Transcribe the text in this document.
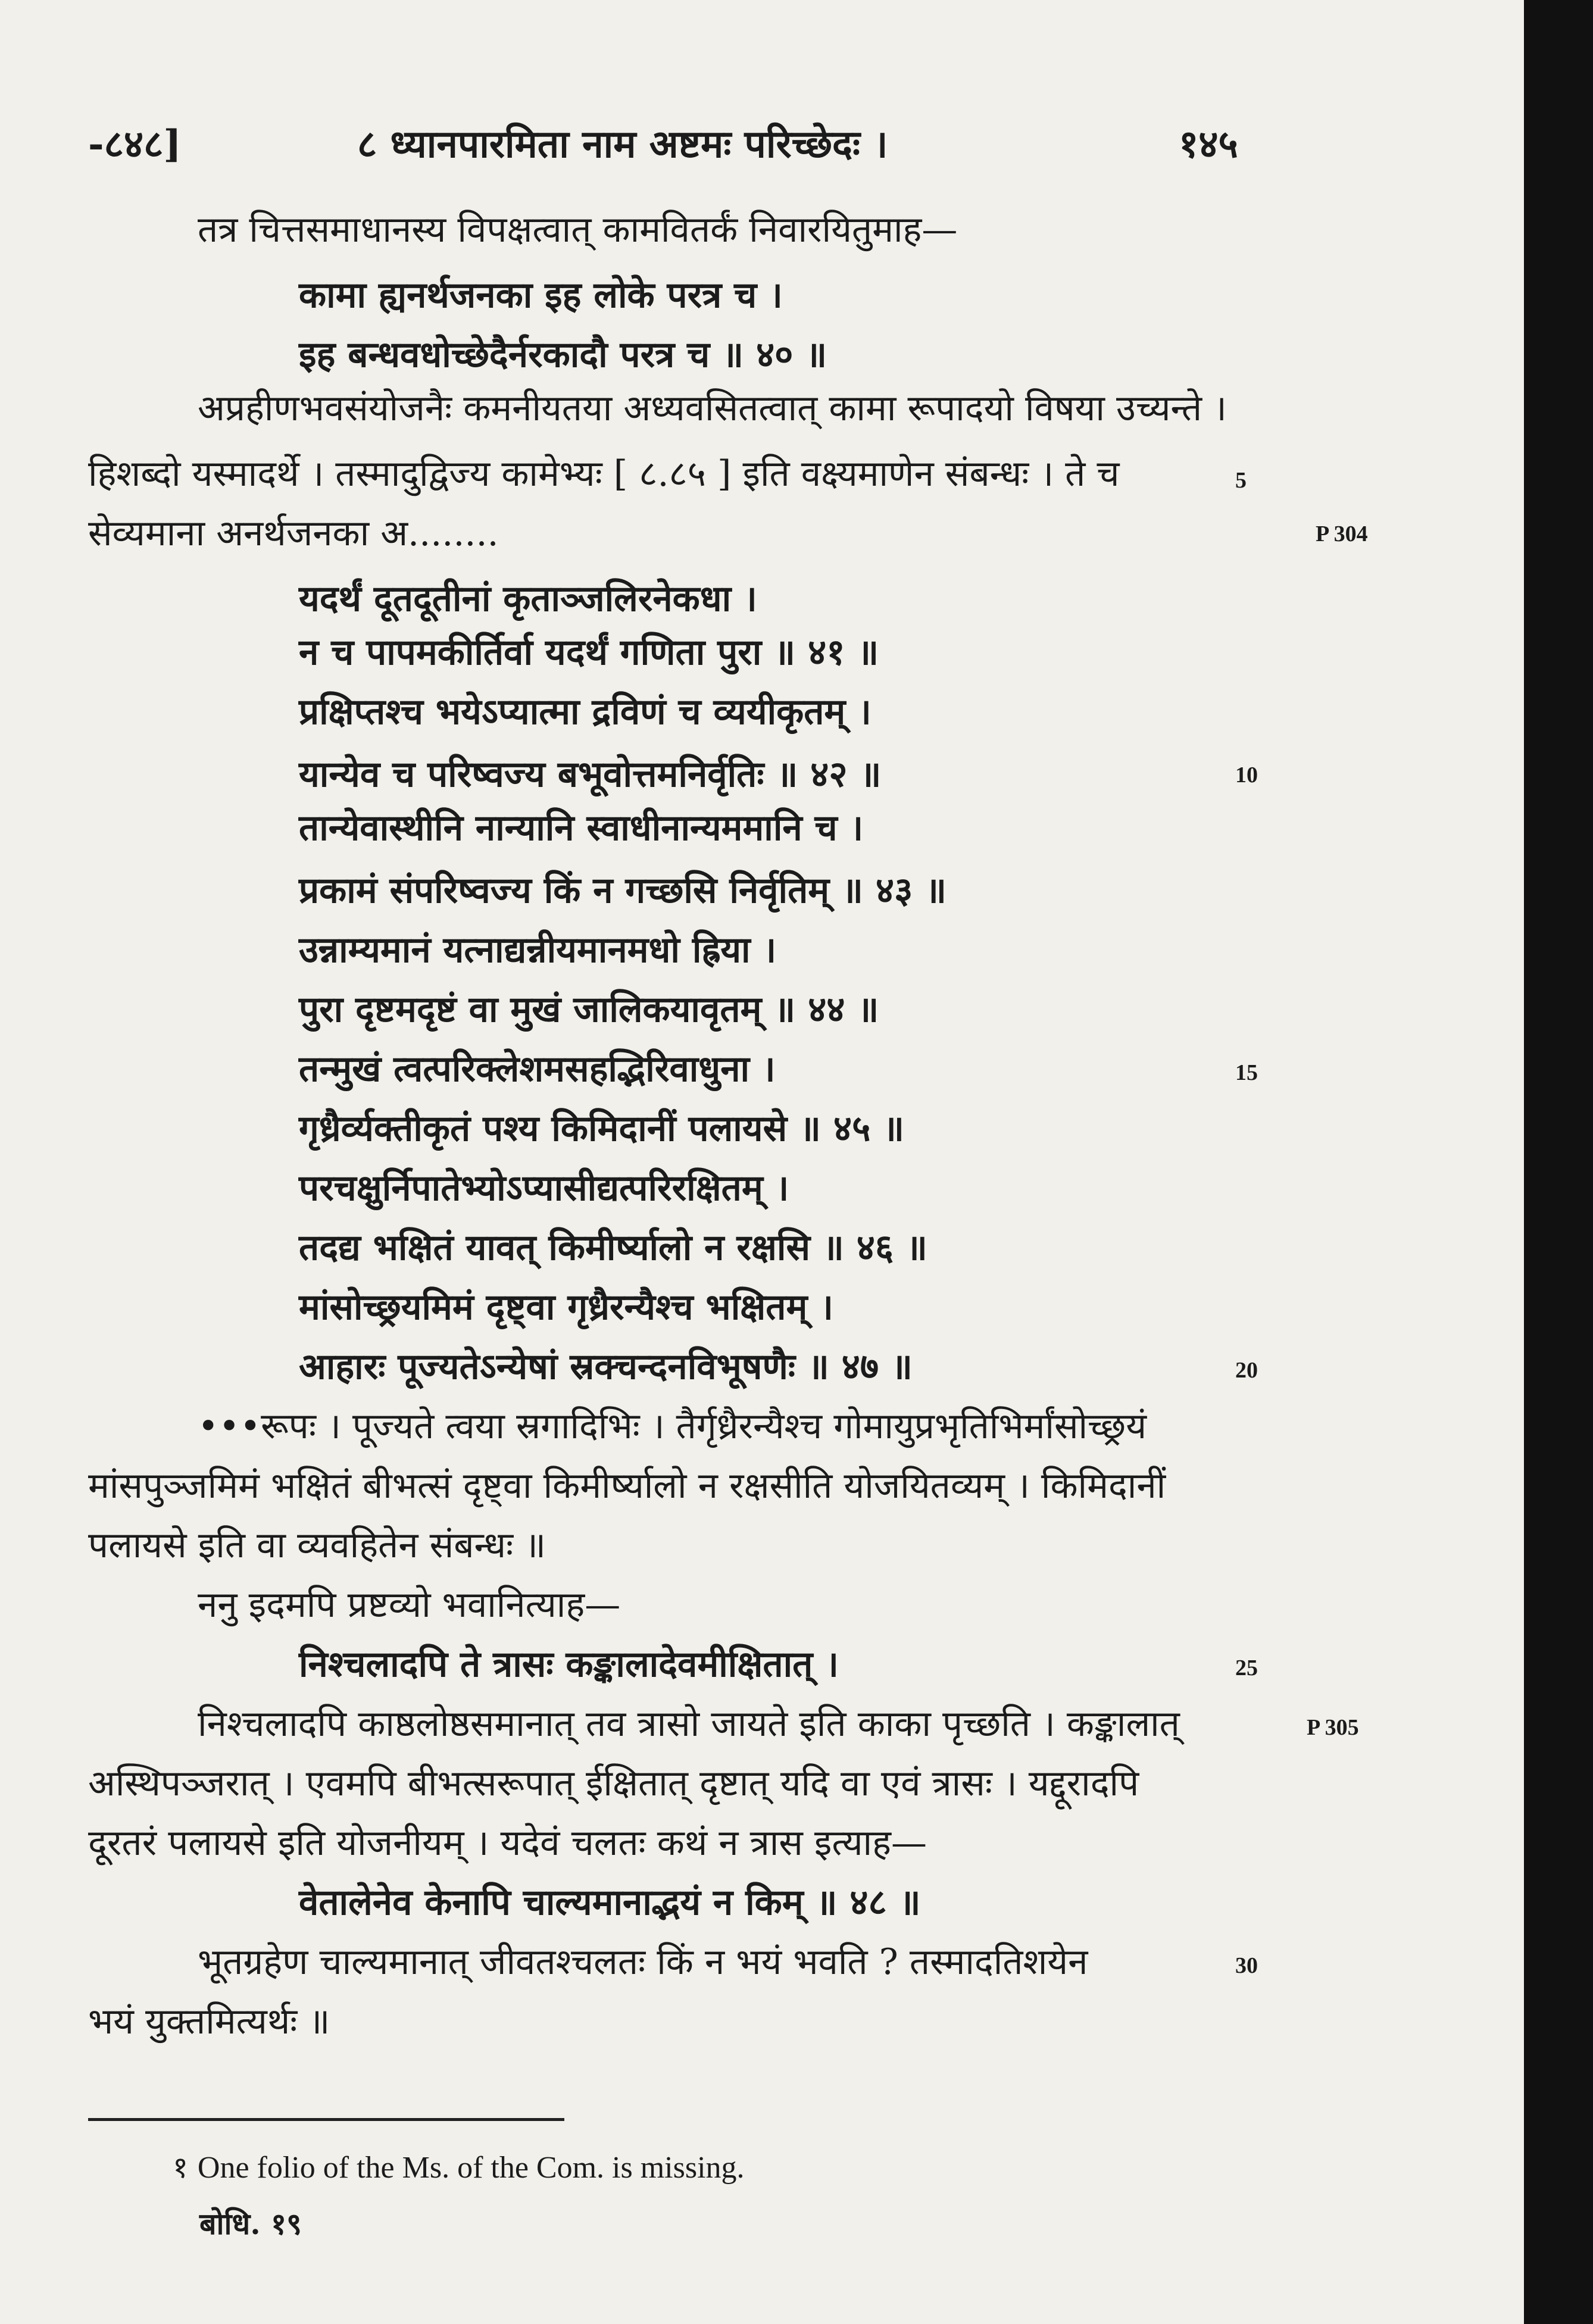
-८४८]	८ ध्यानपारमिता नाम अष्टमः परिच्छेदः ।	१४५
तत्र चित्तसमाधानस्य विपक्षत्वात् कामवितर्कं निवारयितुमाह—
कामा ह्यनर्थजनका इह लोके परत्र च ।
इह बन्धवधोच्छेदैर्नरकादौ परत्र च ॥ ४० ॥
अप्रहीणभवसंयोजनैः कमनीयतया अध्यवसितत्वात् कामा रूपादयो विषया उच्यन्ते ।
हिशब्दो यस्मादर्थे । तस्मादुद्विज्य कामेभ्यः [ ८.८५ ] इति वक्ष्यमाणेन संबन्धः । ते च
सेव्यमाना अनर्थजनका अ........
यदर्थं दूतदूतीनां कृताञ्जलिरनेकधा ।
न च पापमकीर्तिर्वा यदर्थं गणिता पुरा ॥ ४१ ॥
प्रक्षिप्तश्च भयेऽप्यात्मा द्रविणं च व्ययीकृतम् ।
यान्येव च परिष्वज्य बभूवोत्तमनिर्वृतिः ॥ ४२ ॥
तान्येवास्थीनि नान्यानि स्वाधीनान्यममानि च ।
प्रकामं संपरिष्वज्य किं न गच्छसि निर्वृतिम् ॥ ४३ ॥
उन्नाम्यमानं यत्नाद्यन्नीयमानमधो ह्रिया ।
पुरा दृष्टमदृष्टं वा मुखं जालिकयावृतम् ॥ ४४ ॥
तन्मुखं त्वत्परिक्लेशमसहद्भिरिवाधुना ।
गृध्रैर्व्यक्तीकृतं पश्य किमिदानीं पलायसे ॥ ४५ ॥
परचक्षुर्निपातेभ्योऽप्यासीद्यत्परिरक्षितम् ।
तदद्य भक्षितं यावत् किमीर्ष्यालो न रक्षसि ॥ ४६ ॥
मांसोच्छ्रयमिमं दृष्ट्वा गृध्रैरन्यैश्च भक्षितम् ।
आहारः पूज्यतेऽन्येषां स्रक्चन्दनविभूषणैः ॥ ४७ ॥
•••रूपः । पूज्यते त्वया स्रगादिभिः । तैर्गृध्रैरन्यैश्च गोमायुप्रभृतिभिर्मांसोच्छ्रयं
मांसपुञ्जमिमं भक्षितं बीभत्सं दृष्ट्वा किमीर्ष्यालो न रक्षसीति योजयितव्यम् । किमिदानीं
पलायसे इति वा व्यवहितेन संबन्धः ॥
ननु इदमपि प्रष्टव्यो भवानित्याह—
निश्चलादपि ते त्रासः कङ्कालादेवमीक्षितात् ।
निश्चलादपि काष्ठलोष्ठसमानात् तव त्रासो जायते इति काका पृच्छति । कङ्कालात्
अस्थिपञ्जरात् । एवमपि बीभत्सरूपात् ईक्षितात् दृष्टात् यदि वा एवं त्रासः । यद्दूरादपि
दूरतरं पलायसे इति योजनीयम् । यदेवं चलतः कथं न त्रास इत्याह—
वेतालेनेव केनापि चाल्यमानाद्भयं न किम् ॥ ४८ ॥
भूतग्रहेण चाल्यमानात् जीवतश्चलतः किं न भयं भवति ? तस्मादतिशयेन
भयं युक्तमित्यर्थः ॥
5
10
15
20
25
30
P 304
P 305
१ One folio of the Ms. of the Com. is missing.
बोधि. १९
